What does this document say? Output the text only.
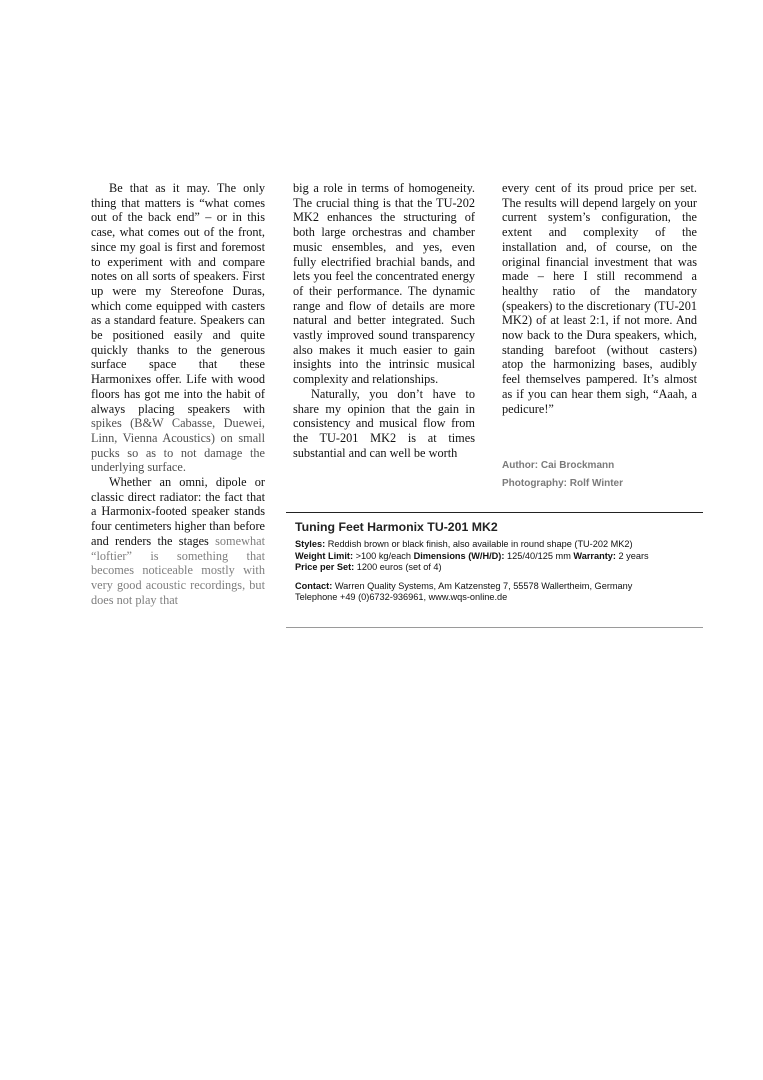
Be that as it may. The only thing that matters is “what comes out of the back end” – or in this case, what comes out of the front, since my goal is first and foremost to experiment with and compare notes on all sorts of speakers. First up were my Stereofone Duras, which come equipped with casters as a standard feature. Speakers can be positioned easily and quite quickly thanks to the generous surface space that these Harmonixes offer. Life with wood floors has got me into the habit of always placing speakers with spikes (B&W Cabasse, Duewei, Linn, Vienna Acoustics) on small pucks so as to not damage the underlying surface.

Whether an omni, dipole or classic direct radiator: the fact that a Harmonix-footed speaker stands four centimeters higher than before and renders the stages somewhat “loftier” is something that becomes noticeable mostly with very good acoustic recordings, but does not play that

big a role in terms of homogeneity. The crucial thing is that the TU-202 MK2 enhances the structuring of both large orchestras and chamber music ensembles, and yes, even fully electrified brachial bands, and lets you feel the concentrated energy of their performance. The dynamic range and flow of details are more natural and better integrated. Such vastly improved sound transparency also makes it much easier to gain insights into the intrinsic musical complexity and relationships.

Naturally, you don’t have to share my opinion that the gain in consistency and musical flow from the TU-201 MK2 is at times substantial and can well be worth

every cent of its proud price per set. The results will depend largely on your current system’s configuration, the extent and complexity of the installation and, of course, on the original financial investment that was made – here I still recommend a healthy ratio of the mandatory (speakers) to the discretionary (TU-201 MK2) of at least 2:1, if not more. And now back to the Dura speakers, which, standing barefoot (without casters) atop the harmonizing bases, audibly feel themselves pampered. It’s almost as if you can hear them sigh, “Aaah, a pedicure!”

Author: Cai Brockmann
Photography: Rolf Winter
Tuning Feet Harmonix TU-201 MK2
Styles: Reddish brown or black finish, also available in round shape (TU-202 MK2)
Weight Limit: >100 kg/each Dimensions (W/H/D): 125/40/125 mm Warranty: 2 years
Price per Set: 1200 euros (set of 4)
Contact: Warren Quality Systems, Am Katzensteg 7, 55578 Wallertheim, Germany
Telephone +49 (0)6732-936961, www.wqs-online.de
